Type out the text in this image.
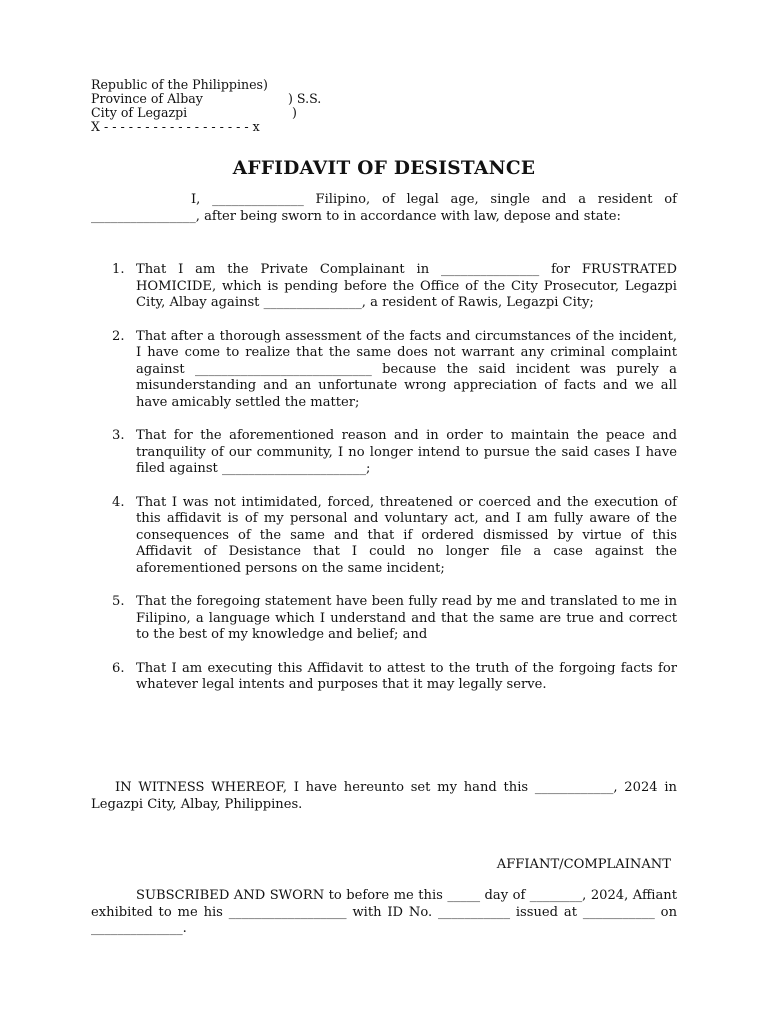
Republic of the Philippines)

Province of Albay

	) S.S.

City of Legazpi

	)

X - - - - - - - - - - - - - - - - - - x
AFFIDAVIT OF DESISTANCE
I, ______________ Filipino, of legal age, single and a resident of ________________, after being sworn to in accordance with law, depose and state:
1. That I am the Private Complainant in _______________ for FRUSTRATED HOMICIDE, which is pending before the Office of the City Prosecutor, Legazpi City, Albay against _______________, a resident of Rawis, Legazpi City;
2. That after a thorough assessment of the facts and circumstances of the incident, I have come to realize that the same does not warrant any criminal complaint against ___________________________ because the said incident was purely a misunderstanding and an unfortunate wrong appreciation of facts and we all have amicably settled the matter;
3. That for the aforementioned reason and in order to maintain the peace and tranquility of our community, I no longer intend to pursue the said cases I have filed against ______________________;
4. That I was not intimidated, forced, threatened or coerced and the execution of this affidavit is of my personal and voluntary act, and I am fully aware of the consequences of the same and that if ordered dismissed by virtue of this Affidavit of Desistance that I could no longer file a case against the aforementioned persons on the same incident;
5. That the foregoing statement have been fully read by me and translated to me in Filipino, a language which I understand and that the same are true and correct to the best of my knowledge and belief; and
6. That I am executing this Affidavit to attest to the truth of the forgoing facts for whatever legal intents and purposes that it may legally serve.
IN WITNESS WHEREOF, I have hereunto set my hand this ____________, 2024 in Legazpi City, Albay, Philippines.
AFFIANT/COMPLAINANT
SUBSCRIBED AND SWORN to before me this _____ day of ________, 2024, Affiant exhibited to me his __________________ with ID No. ___________ issued at ___________ on ______________.
